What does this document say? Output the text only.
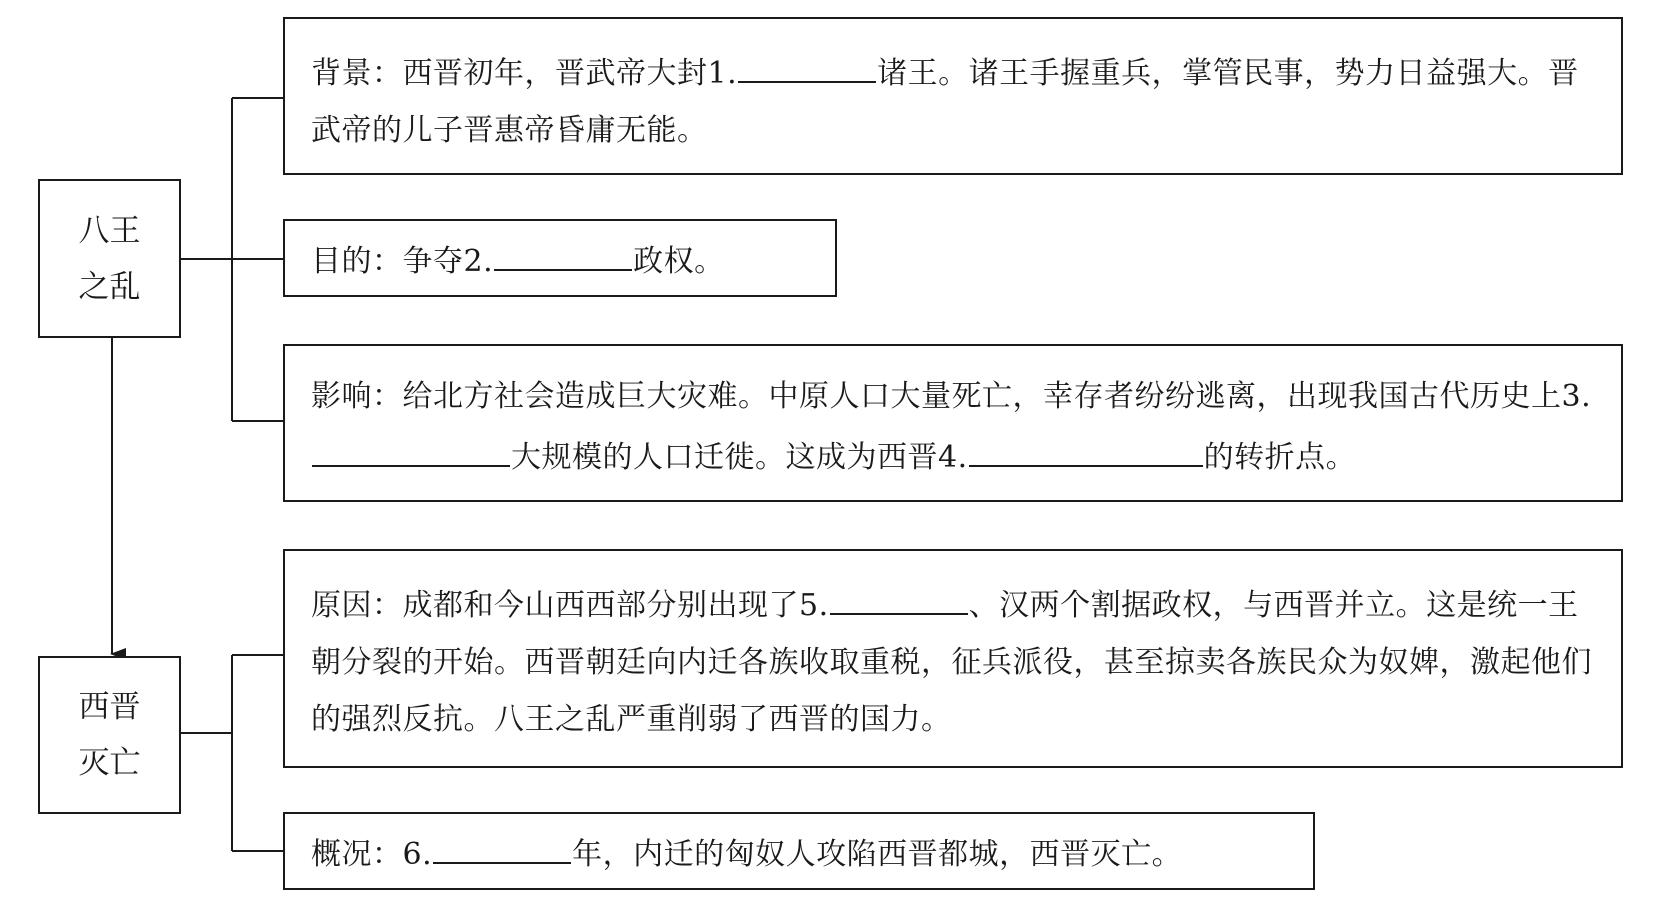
八王之乱
西晋灭亡
背景：西晋初年，晋武帝大封1.	诸王。诸王手握重兵，掌管民事，势力日益强大。晋武帝的儿子晋惠帝昏庸无能。
目的：争夺2.	政权。
影响：给北方社会造成巨大灾难。中原人口大量死亡，幸存者纷纷逃离，出现我国古代历史上3.大规模的人口迁徙。这成为西晋4.	的转折点。
原因：成都和今山西西部分别出现了5.	、汉两个割据政权，与西晋并立。这是统一王朝分裂的开始。西晋朝廷向内迁各族收取重税，征兵派役，甚至掠卖各族民众为奴婢，激起他们的强烈反抗。八王之乱严重削弱了西晋的国力。
概况：6.	年，内迁的匈奴人攻陷西晋都城，西晋灭亡。
